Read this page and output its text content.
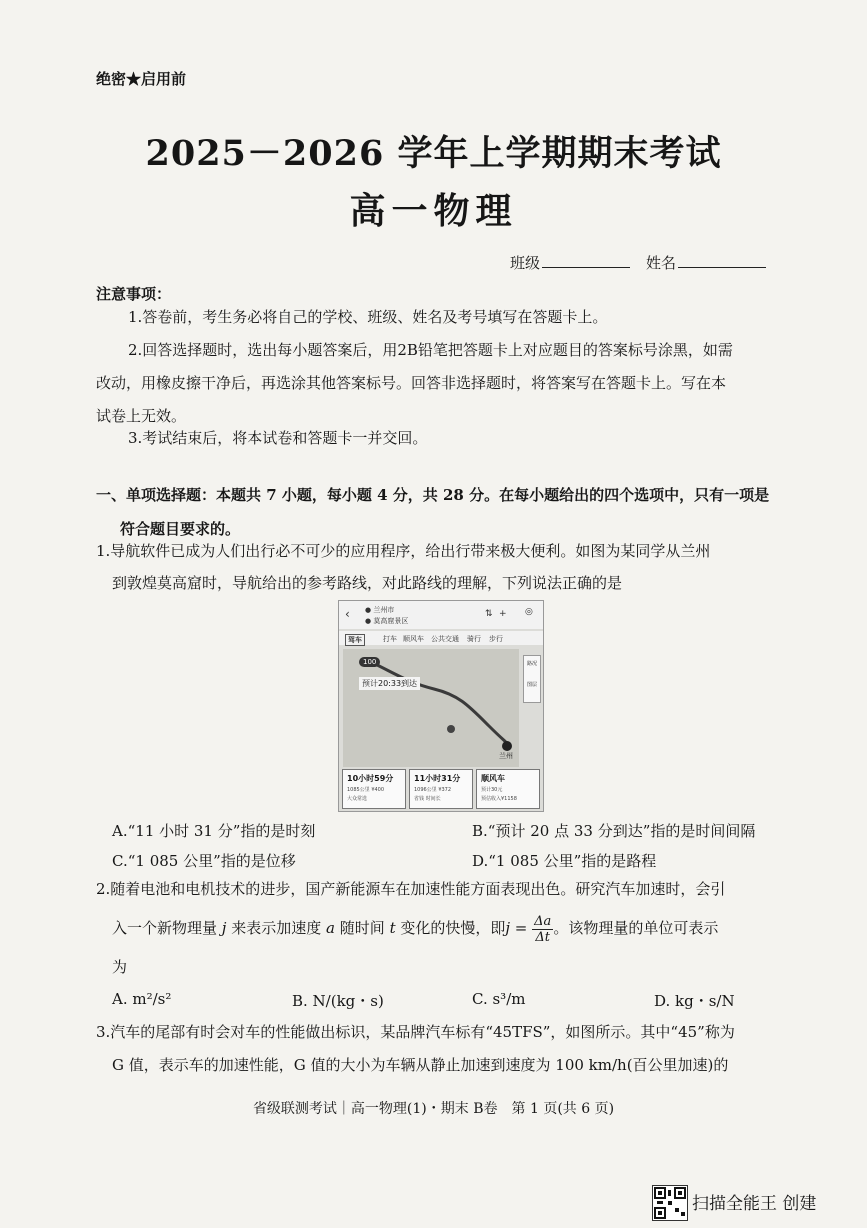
绝密★启用前
2025－2026 学年上学期期末考试
高一物理
班级	姓名
注意事项：
1.答卷前，考生务必将自己的学校、班级、姓名及考号填写在答题卡上。
2.回答选择题时，选出每小题答案后，用2B铅笔把答题卡上对应题目的答案标号涂黑，如需
改动，用橡皮擦干净后，再选涂其他答案标号。回答非选择题时，将答案写在答题卡上。写在本
试卷上无效。
3.考试结束后，将本试卷和答题卡一并交回。
一、单项选择题：本题共 7 小题，每小题 4 分，共 28 分。在每小题给出的四个选项中，只有一项是
符合题目要求的。
1.导航软件已成为人们出行必不可少的应用程序，给出行带来极大便利。如图为某同学从兰州
到敦煌莫高窟时，导航给出的参考路线，对此路线的理解，下列说法正确的是
‹ ● 兰州市
● 莫高窟景区
⇅ + ◎
驾车	打车 顺风车 公共交通 骑行 步行
100
预计20:33到达
兰州
路况
图层
10小时59分
1085公里 ¥400
大众常选
11小时31分
1096公里 ¥372
省钱 时间长
顺风车
预计30元
预估收入¥1158
A.“11 小时 31 分”指的是时刻	B.“预计 20 点 33 分到达”指的是时间间隔
C.“1 085 公里”指的是位移	D.“1 085 公里”指的是路程
2.随着电池和电机技术的进步，国产新能源车在加速性能方面表现出色。研究汽车加速时，会引
入一个新物理量 j 来表示加速度 a 随时间 t 变化的快慢，即$j = \frac{\Delta a}{\Delta t}$ 。该物理量的单位可表示
为
A. m²/s²	B. N/(kg・s)	C. s³/m	D. kg・s/N
3.汽车的尾部有时会对车的性能做出标识，某品牌汽车标有“45TFS”，如图所示。其中“45”称为
G 值，表示车的加速性能，G 值的大小为车辆从静止加速到速度为 100 km/h(百公里加速)的
省级联测考试｜高一物理(1)・期末 B卷　第 1 页(共 6 页)
扫描全能王 创建
